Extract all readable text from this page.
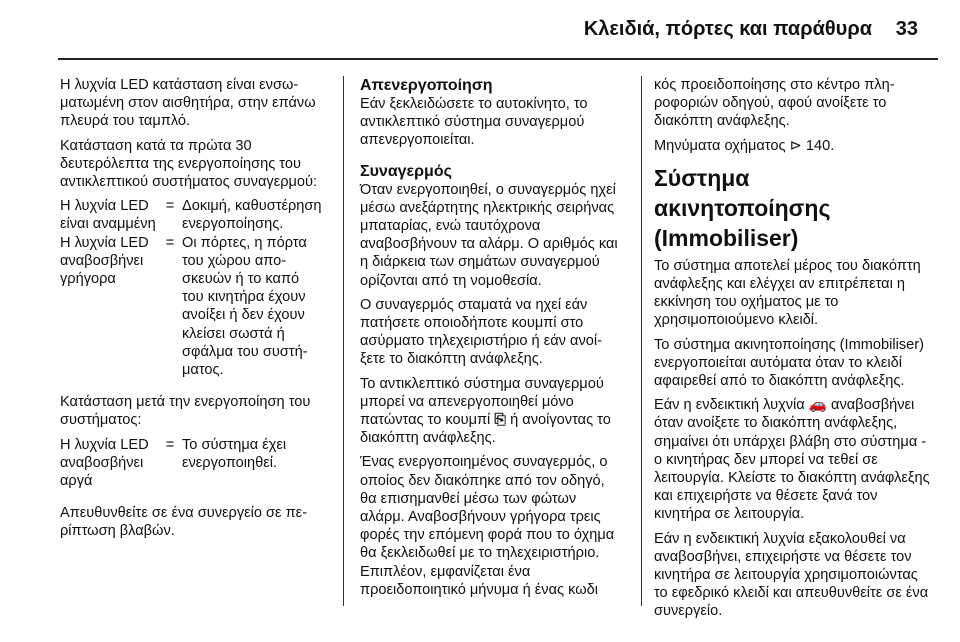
Κλειδιά, πόρτες και παράθυρα 33

Η λυχνία LED κατάσταση είναι ενσωματωμένη στον αισθητήρα, στην επάνω πλευρά του ταμπλό.

Κατάσταση κατά τα πρώτα 30 δευτερόλεπτα της ενεργοποίησης του αντικλεπτικού συστήματος συναγερμού:

Η λυχνία LED είναι αναμμένη
= Δοκιμή, καθυστέρηση ενεργοποίησης.
Η λυχνία LED αναβοσβήνει γρήγορα
= Οι πόρτες, η πόρτα του χώρου αποσκευών ή το καπό του κινητήρα έχουν ανοίξει ή δεν έχουν κλείσει σωστά ή σφάλμα του συστήματος.

Κατάσταση μετά την ενεργοποίηση του συστήματος:

Η λυχνία LED αναβοσβήνει αργά
= Το σύστημα έχει ενεργοποιηθεί.

Απευθυνθείτε σε ένα συνεργείο σε περίπτωση βλαβών.

Απενεργοποίηση

Εάν ξεκλειδώσετε το αυτοκίνητο, το αντικλεπτικό σύστημα συναγερμού απενεργοποιείται.

Συναγερμός

Όταν ενεργοποιηθεί, ο συναγερμός ηχεί μέσω ανεξάρτητης ηλεκτρικής σειρήνας μπαταρίας, ενώ ταυτόχρονα αναβοσβήνουν τα αλάρμ. Ο αριθμός και η διάρκεια των σημάτων συναγερμού ορίζονται από τη νομοθεσία.

Ο συναγερμός σταματά να ηχεί εάν πατήσετε οποιοδήποτε κουμπί στο ασύρματο τηλεχειριστήριο ή εάν ανοίξετε το διακόπτη ανάφλεξης.

Το αντικλεπτικό σύστημα συναγερμού μπορεί να απενεργοποιηθεί μόνο πατώντας το κουμπί ⎘ ή ανοίγοντας το διακόπτη ανάφλεξης.

Ένας ενεργοποιημένος συναγερμός, ο οποίος δεν διακόπηκε από τον οδηγό, θα επισημανθεί μέσω των φώτων αλάρμ. Αναβοσβήνουν γρήγορα τρεις φορές την επόμενη φορά που το όχημα θα ξεκλειδωθεί με το τηλεχειριστήριο. Επιπλέον, εμφανίζεται ένα προειδοποιητικό μήνυμα ή ένας κωδι

κός προειδοποίησης στο κέντρο πληροφοριών οδηγού, αφού ανοίξετε το διακόπτη ανάφλεξης.

Μηνύματα οχήματος ⊳ 140.

Σύστημα ακινητοποίησης (Immobiliser)

Το σύστημα αποτελεί μέρος του διακόπτη ανάφλεξης και ελέγχει αν επιτρέπεται η εκκίνηση του οχήματος με το χρησιμοποιούμενο κλειδί.

Το σύστημα ακινητοποίησης (Immobiliser) ενεργοποιείται αυτόματα όταν το κλειδί αφαιρεθεί από το διακόπτη ανάφλεξης.

Εάν η ενδεικτική λυχνία 🚗 αναβοσβήνει όταν ανοίξετε το διακόπτη ανάφλεξης, σημαίνει ότι υπάρχει βλάβη στο σύστημα - ο κινητήρας δεν μπορεί να τεθεί σε λειτουργία. Κλείστε το διακόπτη ανάφλεξης και επιχειρήστε να θέσετε ξανά τον κινητήρα σε λειτουργία.

Εάν η ενδεικτική λυχνία εξακολουθεί να αναβοσβήνει, επιχειρήστε να θέσετε τον κινητήρα σε λειτουργία χρησιμοποιώντας το εφεδρικό κλειδί και απευθυνθείτε σε ένα συνεργείο.
